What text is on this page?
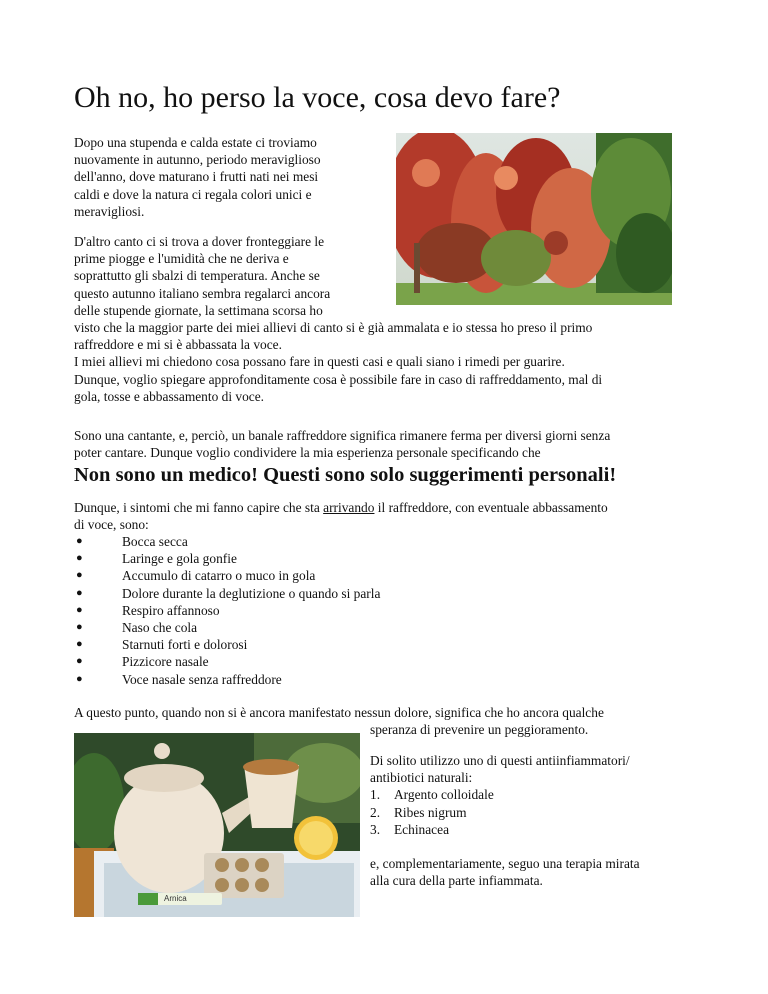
Oh no, ho perso la voce, cosa devo fare?
Dopo una stupenda e calda estate ci troviamo
nuovamente in autunno, periodo meraviglioso
dell'anno, dove maturano i frutti nati nei mesi
caldi e dove la natura ci regala colori unici e
meravigliosi.
D'altro canto ci si trova a dover fronteggiare le
prime piogge e l'umidità che ne deriva e
soprattutto gli sbalzi di temperatura. Anche se
questo autunno italiano sembra regalarci ancora
delle stupende giornate, la settimana scorsa ho
visto che la maggior parte dei miei allievi di canto si è già ammalata e io stessa ho preso il primo
raffreddore e mi si è abbassata la voce.
I miei allievi mi chiedono cosa possano fare in questi casi e quali siano i rimedi per guarire.
Dunque, voglio spiegare approfonditamente cosa è possibile fare in caso di raffreddamento, mal di
gola, tosse e abbassamento di voce.
Sono una cantante, e, perciò, un banale raffreddore significa rimanere ferma per diversi giorni senza
poter cantare. Dunque voglio condividere la mia esperienza personale specificando che
Non sono un medico! Questi sono solo suggerimenti personali!
Dunque, i sintomi che mi fanno capire che sta arrivando il raffreddore, con eventuale abbassamento
di voce, sono:
●	Bocca secca
●	Laringe e gola gonfie
●	Accumulo di catarro o muco in gola
●	Dolore durante la deglutizione o quando si parla
●	Respiro affannoso
●	Naso che cola
●	Starnuti forti e dolorosi
●	Pizzicore nasale
●	Voce nasale senza raffreddore
A questo punto, quando non si è ancora manifestato nessun dolore, significa che ho ancora qualche
speranza di prevenire un peggioramento.
Arnica
Di solito utilizzo uno di questi antiinfiammatori/
antibiotici naturali:
1. Argento colloidale
2. Ribes nigrum
3. Echinacea
e, complementariamente, seguo una terapia mirata
alla cura della parte infiammata.
